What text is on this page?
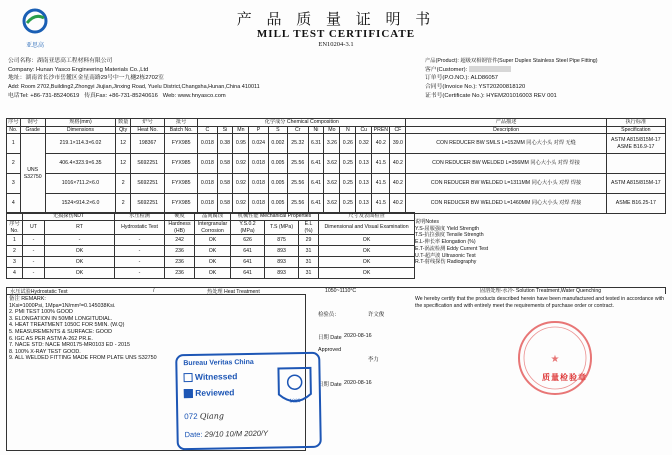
亚思高
产 品 质 量 证 明 书
MILL TEST CERTIFICATE
EN10204-3.1
公司名称：湖南亚思高工程材料有限公司
Company: Hunan Yasco Engineering Materials Co.,Ltd
地址：湖南省长沙市岳麓区金星南路29号中一九樾2栋2702室
Add: Room 2702,Building2,Zhongyi Jiujian,Jinxing Road, Yuelu District,Changsha,Hunan,China 410011
电话Tel: +86-731-85240619 传真Fax: +86-731-85240616 Web: www.hnyasco.com
产品(Product): 超级双相钢管件(Super Duplex Stainless Steel Pipe Fitting)
客户(Customer):
订单号(P.O.NO.): ALD86057
合同号(Invoice No.): YST20200818120
证书号(Certificate No.): HYEM201016003 REV 001
序号	钢号	规格(mm)	数量	炉号	批号	化学成分 Chemical Composition												产品描述	执行标准
No.	Grade	Dimensions	Qty	Heat No.	Batch No.	C	Si	Mn	P	S	Cr	Ni	Mo	N	Cu	PREN	CF	Description	Specification
1	UNS S32750	219.1×114.3×6.02	12	198367	FYX985	0.018	0.38	0.95	0.024	0.002	25.32	6.31	3.26	0.26	0.32	40.2	39.0	CON REDUCER BW SMLS L=152MM 同心大小头 对焊 无缝	ASTM A815/815M-17 ASME B16.9-17
2		406.4×323.9×6.35	12	S692251	FYX985	0.018	0.58	0.92	0.018	0.005	25.56	6.41	3.62	0.25	0.13	41.5	40.2	CON REDUCER BW WELDED L=356MM 同心大小头 对焊 焊接	
3		1016×711.2×6.0	2	S692251	FYX985	0.018	0.58	0.92	0.018	0.005	25.56	6.41	3.62	0.25	0.13	41.5	40.2	CON REDUCER BW WELDED L=1311MM 同心大小头 对焊 焊接	ASTM A815/815M-17
4		1524×914.2×6.0	2	S692251	FYX985	0.018	0.58	0.92	0.018	0.005	25.56	6.41	3.62	0.25	0.13	41.5	40.2	CON REDUCER BW WELDED L=1460MM 同心大小头 对焊 焊接	ASME B16.25-17
	无损探伤NDT		水压检测	硬度	晶间腐蚀	机械性能 Mechanical Properties			尺寸及表面检查
序号
No.	UT	RT	Hydrostatic Test	Hardness (HB)	Intergranular Corrosion	Y.S.0.2 (MPa)	T.S (MPa)	E.L (%)	Dimensional and Visual Examination
1	-	-	-	242	OK	626	875	29	OK
2	-	OK	-	236	OK	641	893	31	OK
3	-	OK	-	236	OK	641	893	31	OK
4	-	OK	-	236	OK	641	893	31	OK
说明Notes
Y.S-屈服强度 Yield Strength
T.S-抗拉强度 Tensile Strength
E.L-伸长率 Elongation (%)
E.T-涡流检测 Eddy Current Test
U.T-超声波 Ultrasonic Test
R.T-射线探伤 Radiography
水压试验Hydrostatic Test	/	热处理 Heat Treatment	1050~1110°C	固溶处理-水冷- Solution Treatment,Water Quenching
We hereby certify that the products described herein have been manufactured and tested in accordance with the specification and with entirely meet the requirements of purchase order or contract.
备注 REMARK:
1Ksi=1000Psi, 1Mpa=1N/mm²=0.145038Ksi.
2. PMI TEST 100% GOOD
3. ELONGATION IN 50MM LONGITUDIAL.
4. HEAT TREATMENT 1050C FOR 5MIN. (W.Q)
5. MEASUREMENTS & SURFACE: GOOD
6. IGC AS PER ASTM A-262 PR.E.
7. NACE STD: NACE MR0175-MR0103 ED - 2015
8. 100% X-RAY TEST GOOD.
9. ALL WELDED FITTING MADE FROM PLATE UNS S32750
检验员：	许文俊
日期 Date 2020-08-16
Approved
李力
日期 Date 2020-08-16
Bureau Veritas China
Witnessed
Reviewed
1828
072 Qiang
Date: 29/10 10/M 2020/Y
★
质量检验章
